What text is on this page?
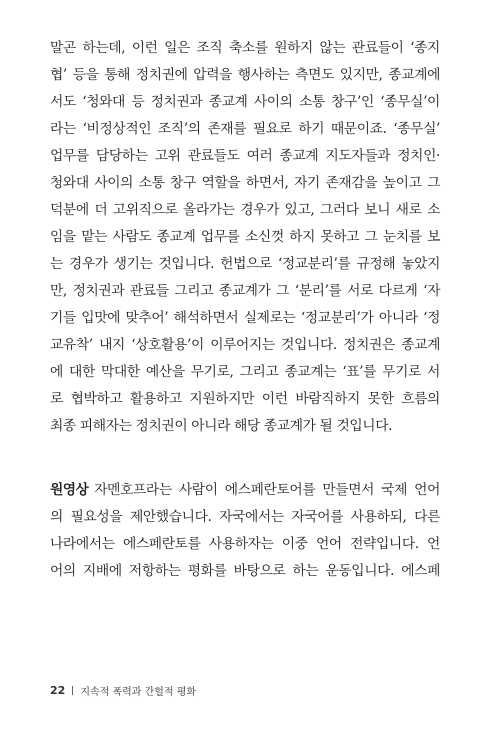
말곤 하는데, 이런 일은 조직 축소를 원하지 않는 관료들이 ‘종지
협’ 등을 통해 정치권에 압력을 행사하는 측면도 있지만, 종교계에
서도 ‘청와대 등 정치권과 종교계 사이의 소통 창구’인 ‘종무실’이
라는 ‘비정상적인 조직’의 존재를 필요로 하기 때문이죠. ‘종무실’
업무를 담당하는 고위 관료들도 여러 종교계 지도자들과 정치인·
청와대 사이의 소통 창구 역할을 하면서, 자기 존재감을 높이고 그
덕분에 더 고위직으로 올라가는 경우가 있고, 그러다 보니 새로 소
임을 맡는 사람도 종교계 업무를 소신껏 하지 못하고 그 눈치를 보
는 경우가 생기는 것입니다. 헌법으로 ‘정교분리’를 규정해 놓았지
만, 정치권과 관료들 그리고 종교계가 그 ‘분리’를 서로 다르게 ‘자
기들 입맛에 맞추어’ 해석하면서 실제로는 ‘정교분리’가 아니라 ‘정
교유착’ 내지 ‘상호활용’이 이루어지는 것입니다. 정치권은 종교계
에 대한 막대한 예산을 무기로, 그리고 종교계는 ‘표’를 무기로 서
로 협박하고 활용하고 지원하지만 이런 바람직하지 못한 흐름의
최종 피해자는 정치권이 아니라 해당 종교계가 될 것입니다.
원영상 자멘호프라는 사람이 에스페란토어를 만들면서 국제 언어
의 필요성을 제안했습니다. 자국에서는 자국어를 사용하되, 다른
나라에서는 에스페란토를 사용하자는 이중 언어 전략입니다. 언
어의 지배에 저항하는 평화를 바탕으로 하는 운동입니다. 에스페
22 지속적 폭력과 간헐적 평화
